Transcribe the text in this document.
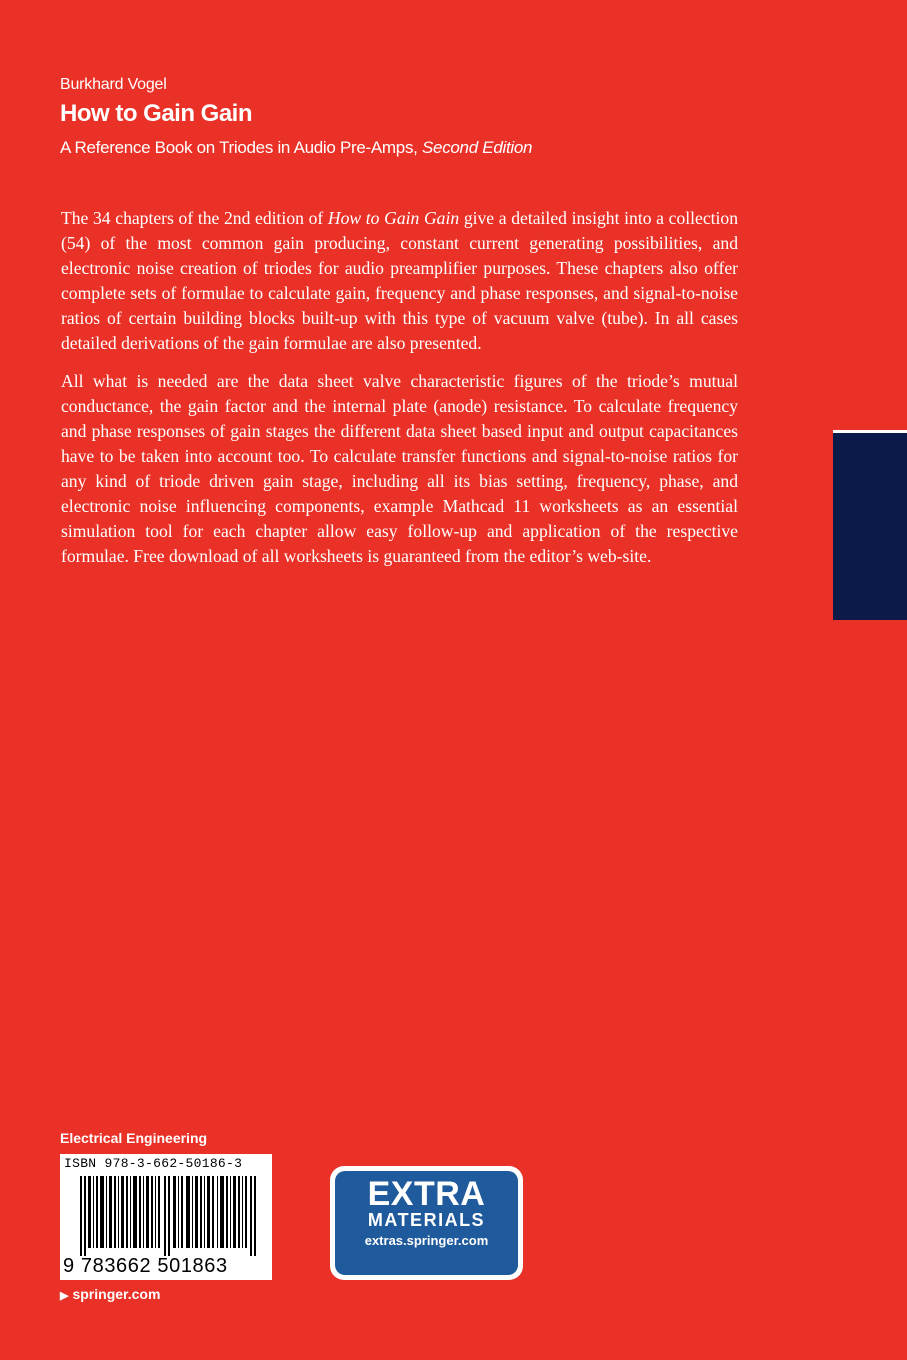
Burkhard Vogel
How to Gain Gain
A Reference Book on Triodes in Audio Pre-Amps, Second Edition

The 34 chapters of the 2nd edition of How to Gain Gain give a detailed insight into a collection (54) of the most common gain producing, constant current generating possibilities, and electronic noise creation of triodes for audio preamplifier purposes. These chapters also offer complete sets of formulae to calculate gain, frequency and phase responses, and signal-to-noise ratios of certain building blocks built-up with this type of vacuum valve (tube). In all cases detailed derivations of the gain formulae are also presented.

All what is needed are the data sheet valve characteristic figures of the triode’s mutual conductance, the gain factor and the internal plate (anode) resistance. To calculate frequency and phase responses of gain stages the different data sheet based input and output capacitances have to be taken into account too. To calculate transfer functions and signal-to-noise ratios for any kind of triode driven gain stage, including all its bias setting, frequency, phase, and electronic noise influencing components, example Mathcad 11 worksheets as an essential simulation tool for each chapter allow easy follow-up and application of the respective formulae. Free download of all worksheets is guaranteed from the editor’s web-site.

Electrical Engineering
ISBN 978-3-662-50186-3
9 783662 501863
▶ springer.com
EXTRA
MATERIALS
extras.springer.com
